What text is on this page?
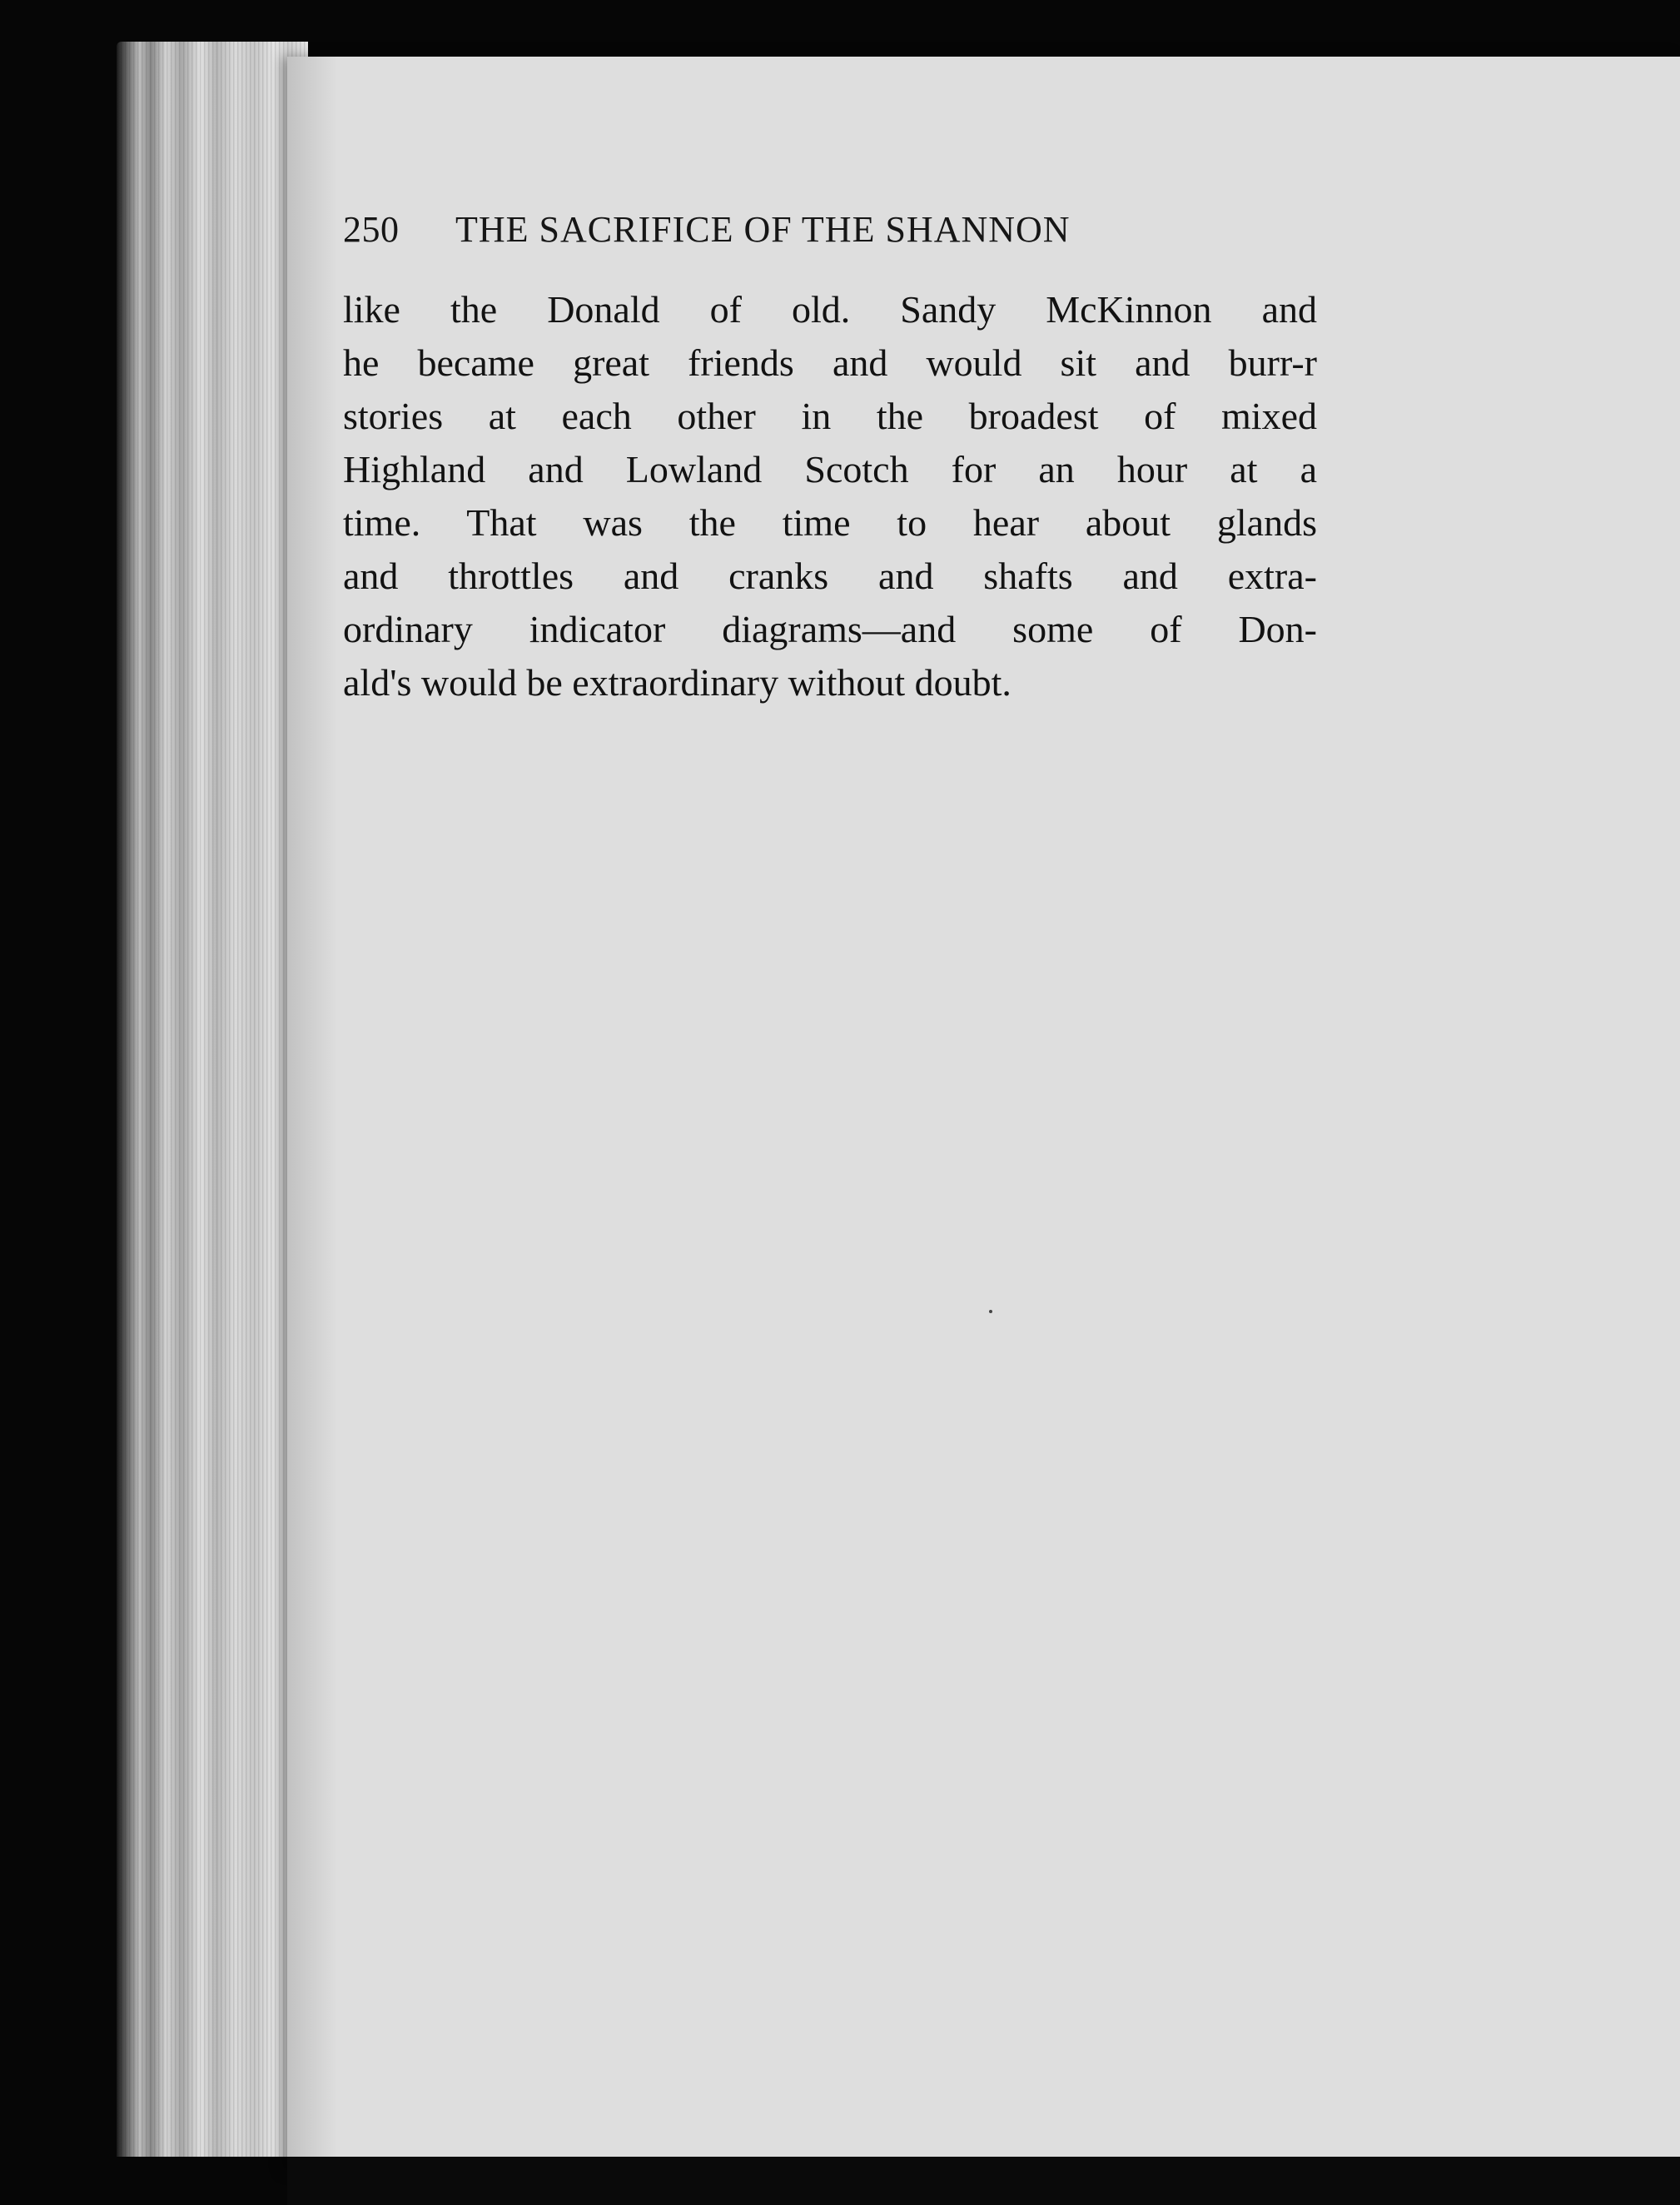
250 THE SACRIFICE OF THE SHANNON
like the Donald of old. Sandy McKinnon and
he became great friends and would sit and burr-r
stories at each other in the broadest of mixed
Highland and Lowland Scotch for an hour at a
time. That was the time to hear about glands
and throttles and cranks and shafts and extra-
ordinary indicator diagrams—and some of Don-
ald's would be extraordinary without doubt.
